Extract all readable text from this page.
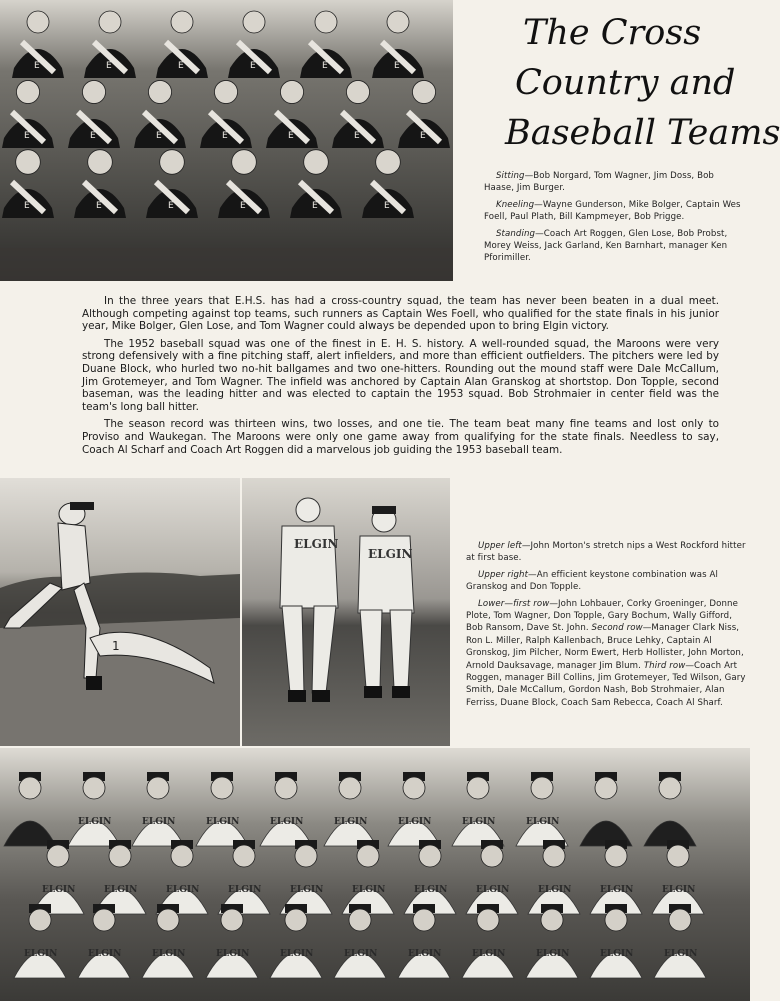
E	E	E	E	E	E
E	E	E	E	E	E	E
E	E	E	E	E	E
The Cross
Country and
Baseball Teams

Sitting—Bob Norgard, Tom Wagner, Jim Doss, Bob Haase, Jim Burger.

Kneeling—Wayne Gunderson, Mike Bolger, Captain Wes Foell, Paul Plath, Bill Kampmeyer, Bob Prigge.

Standing—Coach Art Roggen, Glen Lose, Bob Probst, Morey Weiss, Jack Garland, Ken Barnhart, manager Ken Pforimiller.

In the three years that E.H.S. has had a cross-country squad, the team has never been beaten in a dual meet. Although competing against top teams, such runners as Captain Wes Foell, who qualified for the state finals in his junior year, Mike Bolger, Glen Lose, and Tom Wagner could always be depended upon to bring Elgin victory.

The 1952 baseball squad was one of the finest in E. H. S. history. A well-rounded squad, the Maroons were very strong defensively with a fine pitching staff, alert infielders, and more than efficient outfielders. The pitchers were led by Duane Block, who hurled two no-hit ballgames and two one-hitters. Rounding out the mound staff were Dale McCallum, Jim Grotemeyer, and Tom Wagner. The infield was anchored by Captain Alan Granskog at shortstop. Don Topple, second baseman, was the leading hitter and was elected to captain the 1953 squad. Bob Strohmaier in center field was the team's long ball hitter.

The season record was thirteen wins, two losses, and one tie. The team beat many fine teams and lost only to Proviso and Waukegan. The Maroons were only one game away from qualifying for the state finals. Needless to say, Coach Al Scharf and Coach Art Roggen did a marvelous job guiding the 1953 baseball team.

1
ELGIN
ELGIN

Upper left—John Morton's stretch nips a West Rockford hitter at first base.

Upper right—An efficient keystone combination was Al Granskog and Don Topple.

Lower—first row—John Lohbauer, Corky Groeninger, Donne Plote, Tom Wagner, Don Topple, Gary Bochum, Wally Gifford, Bob Ransom, Dave St. John. Second row—Manager Clark Niss, Ron L. Miller, Ralph Kallenbach, Bruce Lehky, Captain Al Gronskog, Jim Pilcher, Norm Ewert, Herb Hollister, John Morton, Arnold Dauksavage, manager Jim Blum. Third row—Coach Art Roggen, manager Bill Collins, Jim Grotemeyer, Ted Wilson, Gary Smith, Dale McCallum, Gordon Nash, Bob Strohmaier, Alan Ferriss, Duane Block, Coach Sam Rebecca, Coach Al Sharf.

ELGIN	ELGIN	ELGIN	ELGIN	ELGIN	ELGIN	ELGIN	ELGIN
ELGIN	ELGIN	ELGIN	ELGIN	ELGIN	ELGIN	ELGIN	ELGIN	ELGIN	ELGIN	ELGIN
ELGIN	ELGIN	ELGIN	ELGIN	ELGIN	ELGIN	ELGIN	ELGIN	ELGIN	ELGIN	ELGIN
